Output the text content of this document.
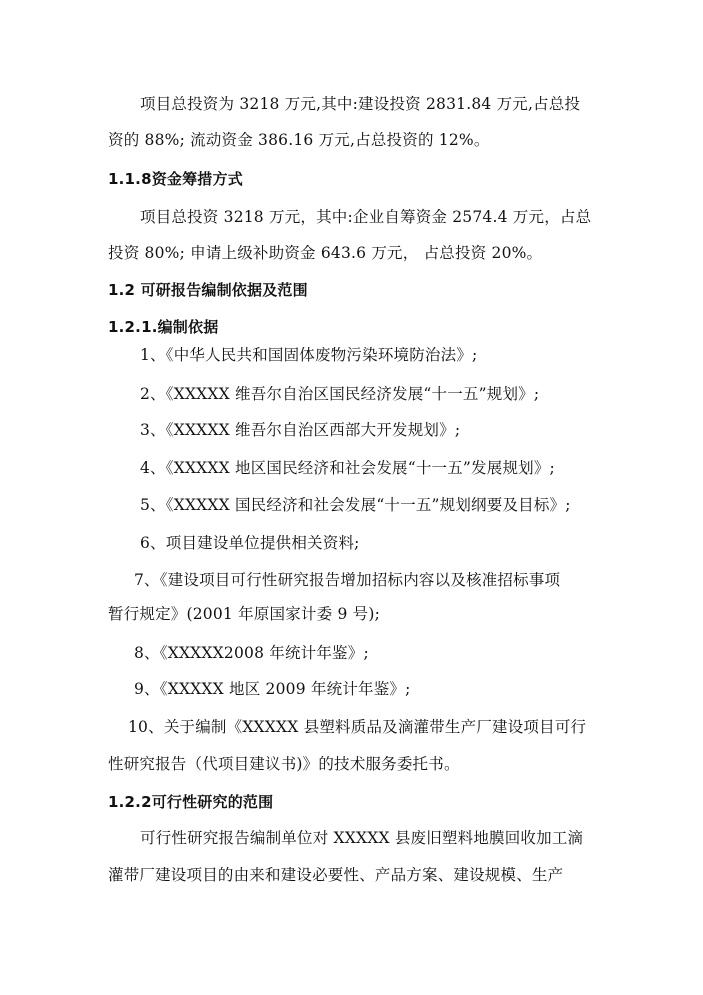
项目总投资为 3218 万元,其中:建设投资 2831.84 万元,占总投
资的 88%; 流动资金 386.16 万元,占总投资的 12%。
1.1.8资金筹措方式
项目总投资 3218 万元，其中:企业自筹资金 2574.4 万元，占总
投资 80%; 申请上级补助资金 643.6 万元， 占总投资 20%。
1.2 可研报告编制依据及范围
1.2.1.编制依据
1、《中华人民共和国固体废物污染环境防治法》;
2、《XXXXX 维吾尔自治区国民经济发展“十一五”规划》;
3、《XXXXX 维吾尔自治区西部大开发规划》;
4、《XXXXX 地区国民经济和社会发展“十一五”发展规划》;
5、《XXXXX 国民经济和社会发展“十一五”规划纲要及目标》;
6、项目建设单位提供相关资料;
7、《建设项目可行性研究报告增加招标内容以及核准招标事项
暂行规定》(2001 年原国家计委 9 号);
8、《XXXXX2008 年统计年鉴》;
9、《XXXXX 地区 2009 年统计年鉴》;
10、关于编制《XXXXX 县塑料质品及滴灌带生产厂建设项目可行
性研究报告（代项目建议书)》的技术服务委托书。
1.2.2可行性研究的范围
可行性研究报告编制单位对 XXXXX 县废旧塑料地膜回收加工滴
灌带厂建设项目的由来和建设必要性、产品方案、建设规模、生产
